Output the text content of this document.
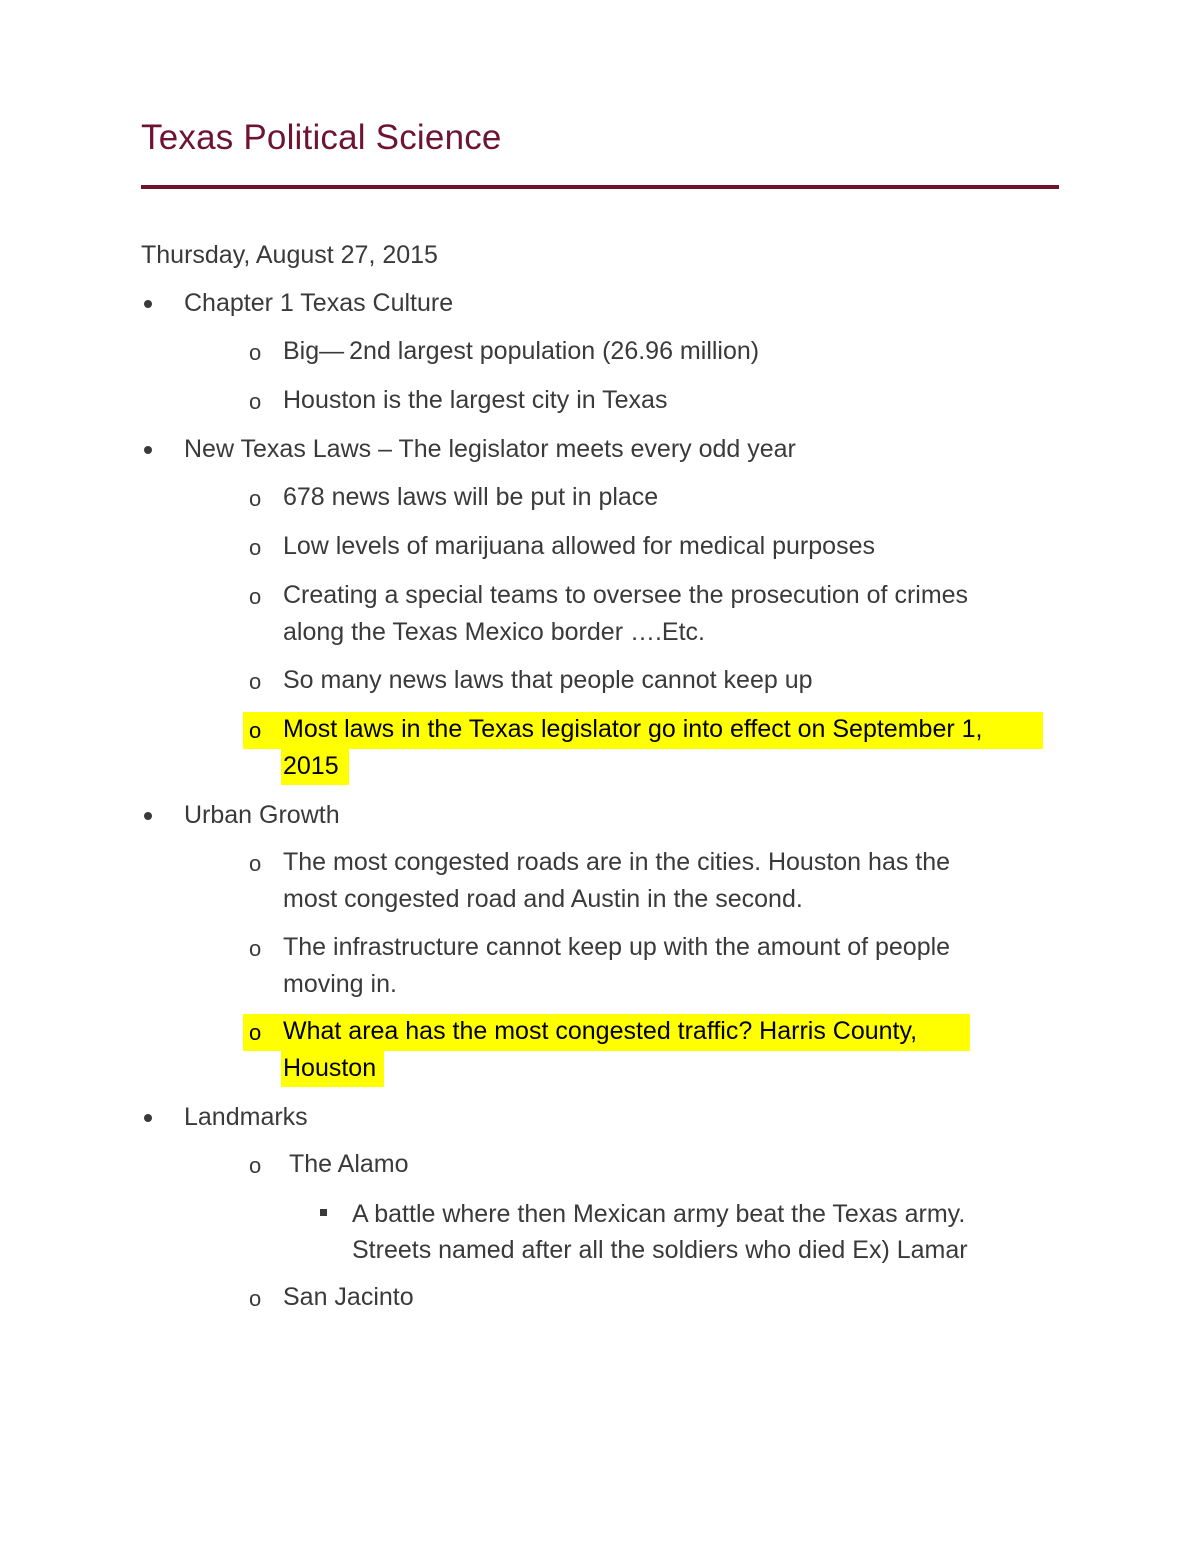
Texas Political Science
Thursday, August 27, 2015
Chapter 1 Texas Culture
o Big— 2nd largest population (26.96 million)
o Houston is the largest city in Texas
New Texas Laws – The legislator meets every odd year
o 678 news laws will be put in place
o Low levels of marijuana allowed for medical purposes
o Creating a special teams to oversee the prosecution of crimes
along the Texas Mexico border ….Etc.
o So many news laws that people cannot keep up
o Most laws in the Texas legislator go into effect on September 1,
2015
Urban Growth
o The most congested roads are in the cities. Houston has the
most congested road and Austin in the second.
o The infrastructure cannot keep up with the amount of people
moving in.
o What area has the most congested traffic? Harris County,
Houston
Landmarks
o The Alamo
A battle where then Mexican army beat the Texas army.
Streets named after all the soldiers who died Ex) Lamar
o San Jacinto
